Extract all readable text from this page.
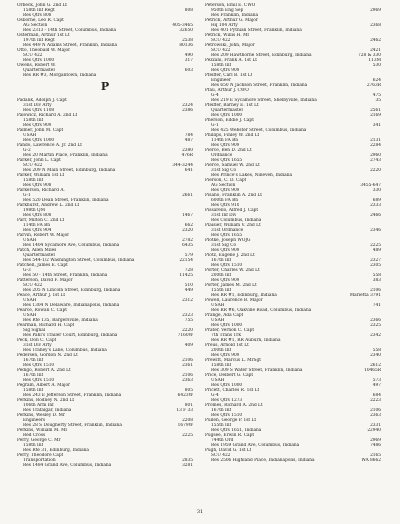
Orbeck, John G. 2nd Lt
158th Inf Regt	808
Res Qtrs 808
Osborne, Leo R. Capt
AG Section	405-3465
Res 2313 - 14th Street, Columbus, Indiana	32650
Osterman, Arthur 1st Lt
197th Inf Regt	2538
Res 449 N Adams Street, Franklin, Indiana	80136
Otto, Theobald W. Major
SCU 422	490
Res Qtrs 1000	317
Owens, Robert W.
Quartermaster	603
Res RR #3, Morgantown, Indiana
P
Padalik, Adolph J. Capt
31st Div Arty	2324
Res Qtrs 1108	2386
Palowicz, Richard A. 2nd Lt
158th Inf
Res Qtrs 909
Palmer, John M. Capt
USAH	784
Res Qtrs 1000	487
Pando, Lawrence A. Jr. 2nd Lt
G-2	2380
Res 20 Martin Place, Franklin, Indiana	476R
Parker, John L. Capt
SCU 422	344-3244
Res 209 N Main Street, Edinburg, Indiana	641
Parker, William 1st Lt
158th Inf
Res Qtrs 908
Parkerson, Richard A.
G-1	2661
Res 520 Dean Street, Franklin, Indiana
Parkhurst, Andrew L. 2nd Lt
198th QM
Res Qtrs 808	1467
Parr, Milton C. 2nd Lt
114th FA Bn	662
Res Qtrs 904	2320
Parvin, Robert W. Major
USAH	2782
Res 1404 Sycamore Ave, Columbus, Indiana	6435
Patch, Allen Miles
Quartermaster	579
Res 544-1/2 Washington Street, Columbus, Indiana	22154
Patchell, James E. Capt
G-3	728
Res 50 - 14th Street, Franklin, Indiana	11425
Patterson, David F. Major
SCU 422	510
Res 205 N Lincoln Street, Edinburg, Indiana	449
Peace, Arthur J. 1st Lt
USAH	2312
Res 1304 N Delaware, Indianapolis, Indiana
Pearce, Rowan C. Capt
USAH	2323
Res Rte 135, Bargersville, Indiana	755
Pearman, Richard H. Capt
Sig Signal	2220
Res Pahl's Trailer Court, Edinburg, Indiana	7160W
Peck, Don C. Capt
31st Div Arty	409
Res Trahey's Lane, Columbus, Indiana
Pedersen, Gordon N. 2nd Lt
167th Inf	2106
Res Qtrs 1510	2361
Pedigo, Robert A. 2nd Lt
167th Inf	2106
Res Qtrs 1510	2363
Pegram, Albert A. Major
158th Inf	805
Res 243 E Jefferson Street, Franklin, Indiana	6423W
Perkins, Rodney N. 2nd Lt
106th Arm Inf	801
Res Trafalgar, Indiana	13 F 33
Perkins, Wesley D. Mr
Engineers	2208
Res 28 S Dougherty Street, Franklin, Indiana	1679W
Perkins, William M. Mr
Red Cross	2225
Perry, George C. Mr
158th Inf
Res Rte 31, Edinburg, Indiana
Perry, Theodore Capt
Transportation	2835
Res 1484 Grand Ave, Columbus, Indiana	3281
Peterson, Emil E. CWO
950th Eng Sep	2969
Res Franklin, Indiana
Petrick, Arthur G. Major
Hq 104 Arty	2368
Res 401 Pythian Street, Franklin, Indiana
Petrick, Willis H. Mr
SCU 422	2462
Petrowski, John, Major
SCU 422	2421
Res 209 Hawthorne Street, Edinburg, Indiana	728 & 330
Pezzani, Frank A. 1st Lt	113M
158th Inf	530
Res Qtrs 909
Pfeiffer, Carl B. 1st Lt
Engineer	624
Res 650 N Jackson Street, Franklin, Indiana	2763R
Pfau, Arthur J. CWO
G-4	475
Res 219 E Sycamore Street, Shelbyville, Indiana	35
Pfeiffer, Barney E. 1st Lt
Quartermaster	2561
Res Qtrs 1000	2169
Pherson, Eddie J. Capt
G-1	341
Res 425 Webster Street, Columbus, Indiana
Phillips, Finley W. 2nd Lt
114th FA Bn	2131
Res Qtrs 909	2284
Pierce, Ben D. 2nd Lt
Ordnance	2960
Res Qtrs 1655	2743
Pierce, Samuel W. 2nd Lt
31st Sig Co	2220
Res Prince's Lakes, Nineveh, Indiana
Pierson, C. D. Capt
AG Section	3455-647
Res Qtrs 909	330
Pisano, Franklin A. 2nd Lt
600th FA Bn	689
Res Qtrs 910	2333
Pissarello, Alfred J. Capt
31st Inf Div	2466
Res Columbus, Indiana
Plaisier, William V. 2nd Lt
31st Ordnance	2346
Res Qtrs 1655
Plotke, Joseph WOJG
31st Sig Co	2225
Res Qtrs 909	489
Plotz, Eugene J. 2nd Lt
167th Inf	2327
Res Qtrs 1510	2305
Porter, Charles W. 2nd Lt
200th Inf	558
Res Qtrs 909	383
Porter, James M. 2nd Lt
155th Inf	2106
Res RR #1, Edinburg, Indiana	Marietta 3791
Powell, Laurence B. Major
USAH	741
Res RR #6, Oakville Road, Columbus, Indiana
Prange, Ada Capt
USAH	2366
Res Qtrs 1000	2325
Prater, Vernon C. Capt
7th Trans Trk	2342
Res RR #1, RR Auburn, Indiana
Preus, Arnold 1st Lt
200th Inf	558
Res Qtrs 909	2340
Prewitt, Marcus L. MrSgt
158th Inf	2612
Res 309 S Water Street, Franklin, Indiana	10465R
Price, Delbert G. Capt
USAH	573
Res Qtrs 1000	497
Pricett, Charles R. 1st Lt
G-4	684
Res Qtrs 1273	2223
Promes, Richard A. 2nd Lt
167th Inf	2106
Res Qtrs 1510	2363
Pullen, George P. 1st Lt
155th Inf	2331
Res Qtrs 1651, Indiana	22940
Pugsee, Erwin R. Capt
744th Ord	2969
Res 1959 Grand Ave, Columbus, Indiana	7486
Pugh, David G. 1st Lt
SCU 422	2165
Res 2506 Highland Place, Indianapolis, Indiana	WA 8662
31
